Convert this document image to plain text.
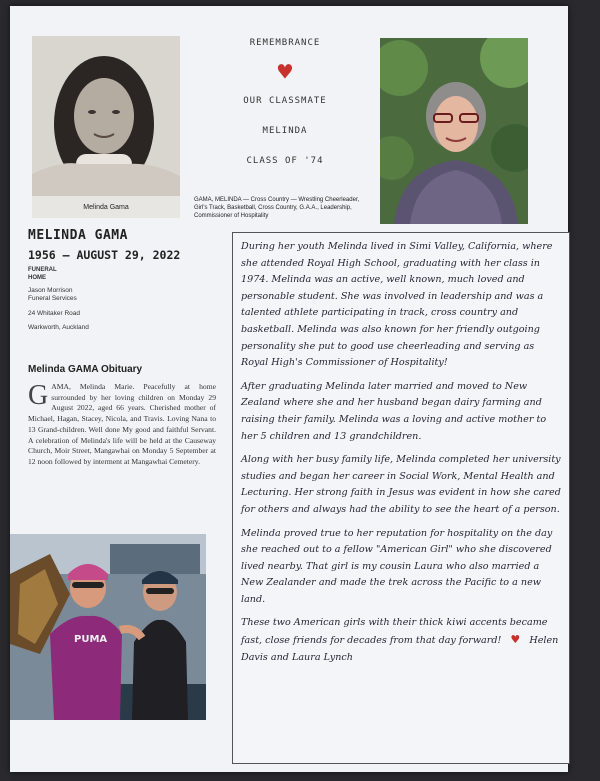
Melinda Gama
REMEMBRANCE
♥
OUR CLASSMATE
MELINDA
CLASS OF '74
GAMA, MELINDA — Cross Country — Wrestling Cheerleader, Girl's Track, Basketball, Cross Country, G.A.A., Leadership, Commissioner of Hospitality
MELINDA GAMA
1956 – AUGUST 29, 2022
FUNERAL HOME
Jason Morrison
Funeral Services
24 Whitaker Road
Warkworth, Auckland
Melinda GAMA Obituary
G AMA, Melinda Marie. Peacefully at home surrounded by her loving children on Monday 29 August 2022, aged 66 years. Cherished mother of Michael, Hagan, Stacey, Nicola, and Travis. Loving Nana to 13 Grand-children. Well done My good and faithful Servant. A celebration of Melinda's life will be held at the Causeway Church, Moir Street, Mangawhai on Monday 5 September at 12 noon followed by interment at Mangawhai Cemetery.
PUMA

During her youth Melinda lived in Simi Valley, California, where she attended Royal High School, graduating with her class in 1974. Melinda was an active, well known, much loved and personable student. She was involved in leadership and was a talented athlete participating in track, cross country and basketball. Melinda was also known for her friendly outgoing personality she put to good use cheerleading and serving as Royal High's Commissioner of Hospitality!

After graduating Melinda later married and moved to New Zealand where she and her husband began dairy farming and raising their family. Melinda was a loving and active mother to her 5 children and 13 grandchildren.

Along with her busy family life, Melinda completed her university studies and began her career in Social Work, Mental Health and Lecturing. Her strong faith in Jesus was evident in how she cared for others and always had the ability to see the heart of a person.

Melinda proved true to her reputation for hospitality on the day she reached out to a fellow "American Girl" who she discovered lived nearby. That girl is my cousin Laura who also married a New Zealander and made the trek across the Pacific to a new land.

These two American girls with their thick kiwi accents became fast, close friends for decades from that day forward! ♥ Helen Davis and Laura Lynch
